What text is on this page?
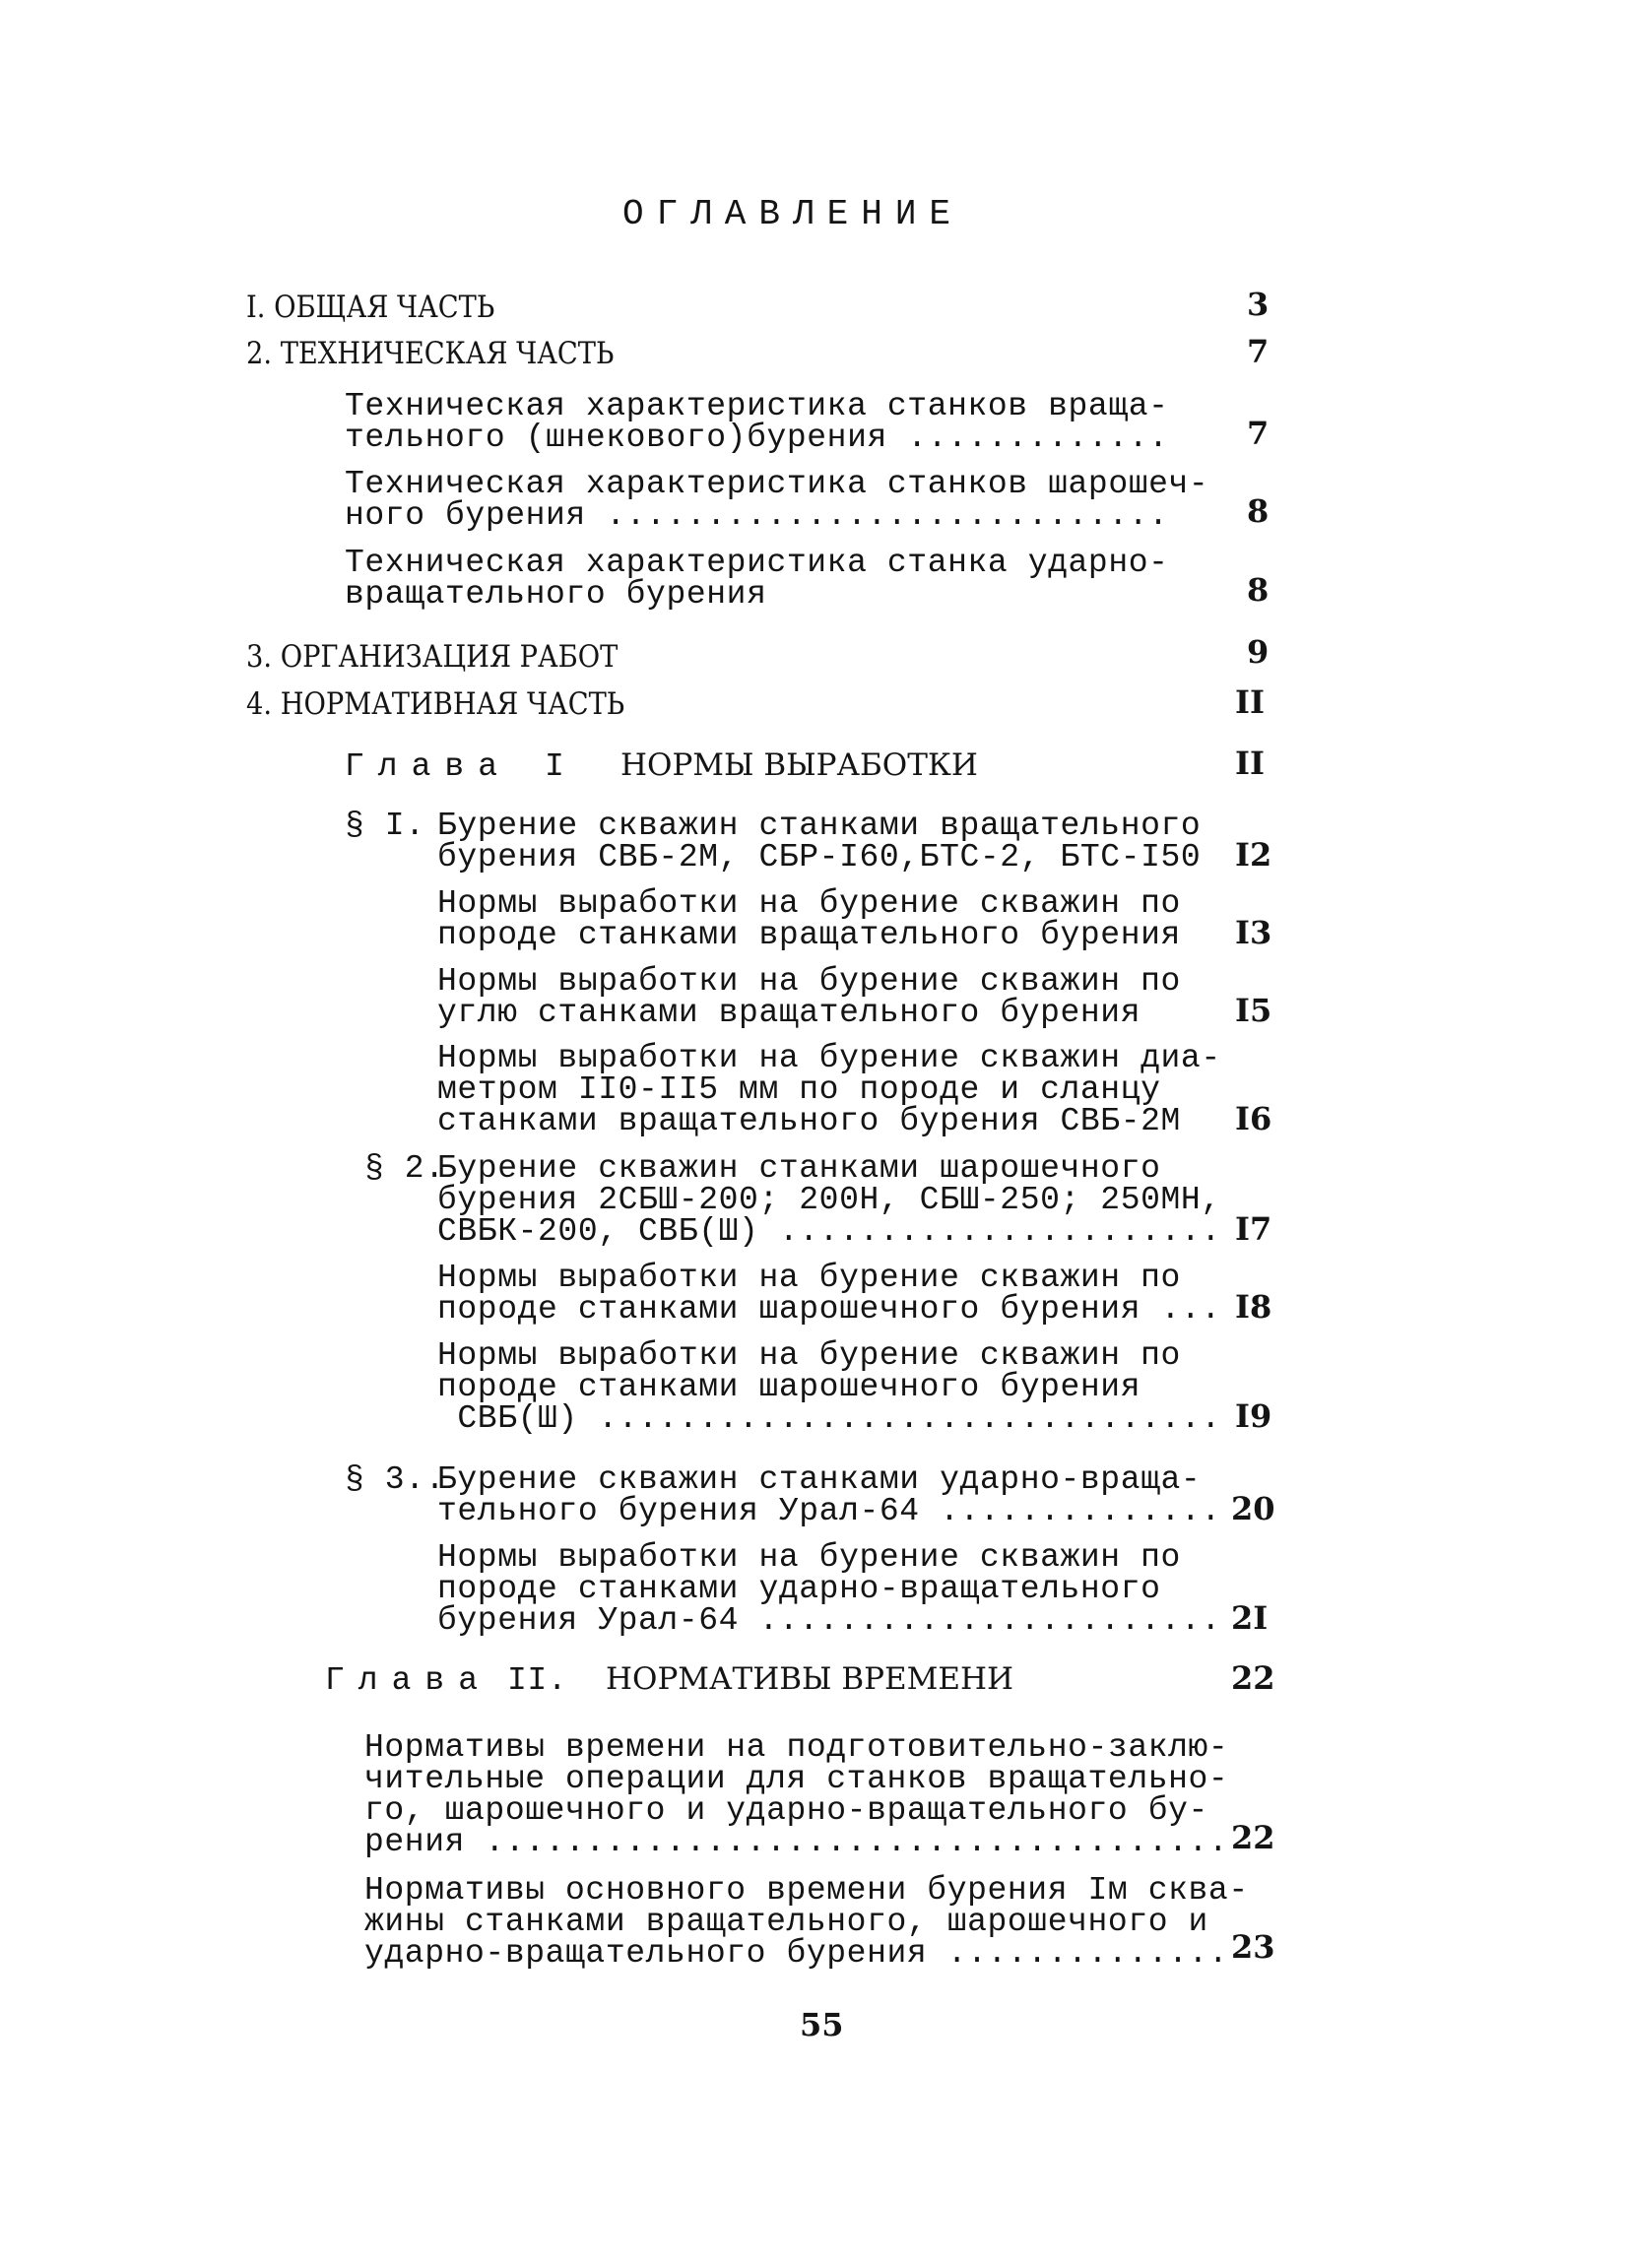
ОГЛАВЛЕНИЕ
I. ОБЩАЯ ЧАСТЬ	3
2. ТЕХНИЧЕСКАЯ ЧАСТЬ	7
Техническая характеристика станков враща-
тельного (шнекового)бурения ............. 7
Техническая характеристика станков шарошеч-
ного бурения ............................ 8
Техническая характеристика станка ударно-
вращательного бурения	8
3. ОРГАНИЗАЦИЯ РАБОТ	9
4. НОРМАТИВНАЯ ЧАСТЬ	II
Глава I НОРМЫ ВЫРАБОТКИ	II
§ I. Бурение скважин станками вращательного
бурения СВБ-2М, СБР-I60,БТС-2, БТС-I50 I2
Нормы выработки на бурение скважин по
породе станками вращательного бурения I3
Нормы выработки на бурение скважин по
углю станками вращательного бурения	I5
Нормы выработки на бурение скважин диа-
метром II0-II5 мм по породе и сланцу
станками вращательного бурения СВБ-2М I6
§ 2.
Бурение скважин станками шарошечного
бурения 2СБШ-200; 200Н, СБШ-250; 250МН,
СВБК-200, СВБ(Ш) ...................... I7
Нормы выработки на бурение скважин по
породе станками шарошечного бурения ... I8
Нормы выработки на бурение скважин по
породе станками шарошечного бурения
СВБ(Ш) ............................... I9
§ 3..
Бурение скважин станками ударно-враща-
тельного бурения Урал-64 .............. 20
Нормы выработки на бурение скважин по
породе станками ударно-вращательного
бурения Урал-64 ....................... 2I
Глава II. НОРМАТИВЫ ВРЕМЕНИ	22
Нормативы времени на подготовительно-заклю-
чительные операции для станков вращательно-
го, шарошечного и ударно-вращательного бу-
рения ..................................... 22
Нормативы основного времени бурения Iм сква-
жины станками вращательного, шарошечного и
ударно-вращательного бурения .............. 23
55
